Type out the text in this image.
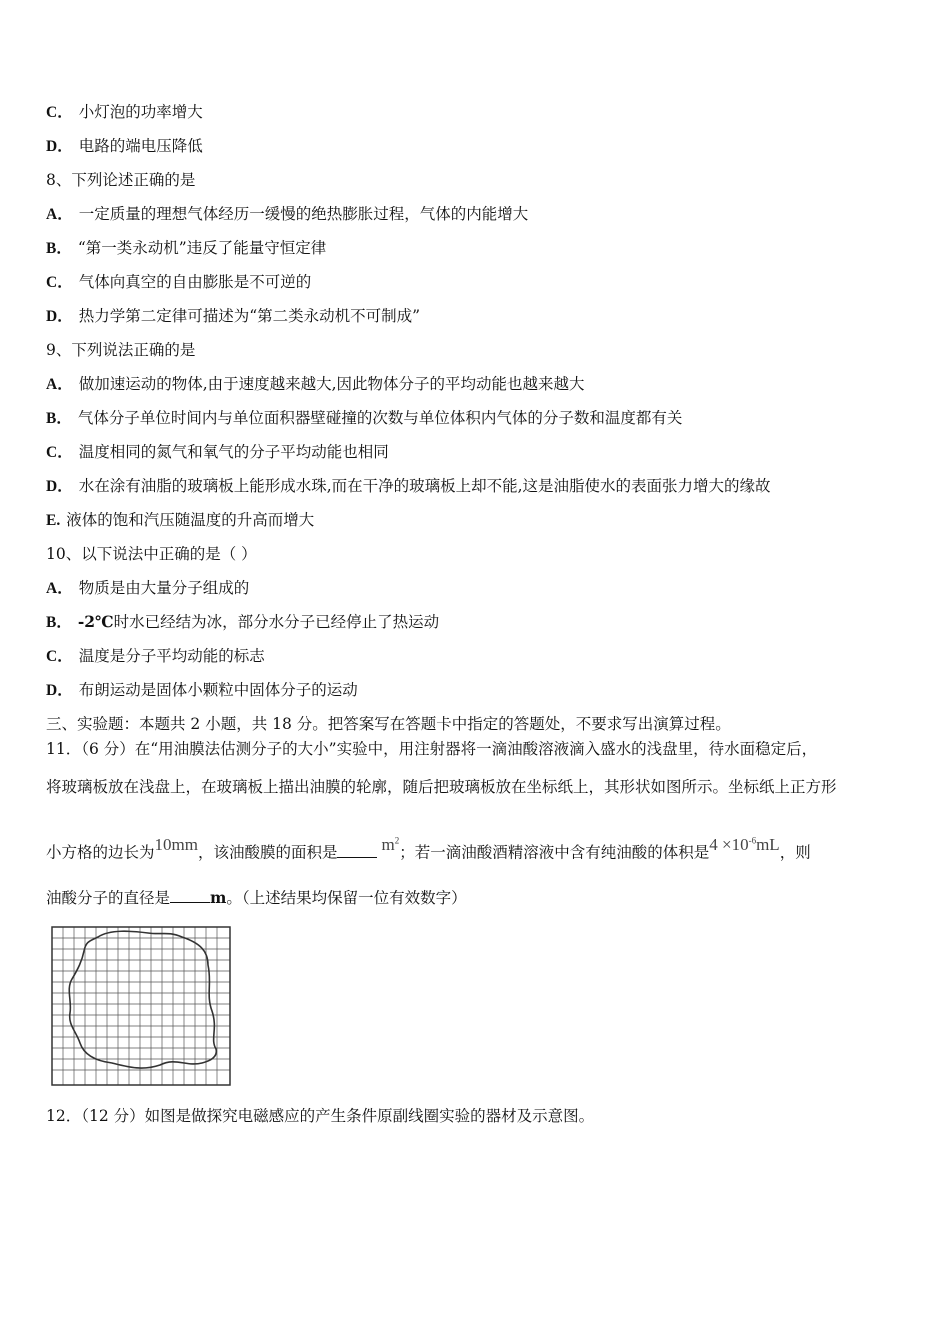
C． 小灯泡的功率增大
D． 电路的端电压降低
8、下列论述正确的是
A． 一定质量的理想气体经历一缓慢的绝热膨胀过程，气体的内能增大
B． “第一类永动机”违反了能量守恒定律
C． 气体向真空的自由膨胀是不可逆的
D． 热力学第二定律可描述为“第二类永动机不可制成”
9、下列说法正确的是
A． 做加速运动的物体,由于速度越来越大,因此物体分子的平均动能也越来越大
B． 气体分子单位时间内与单位面积器壁碰撞的次数与单位体积内气体的分子数和温度都有关
C． 温度相同的氮气和氧气的分子平均动能也相同
D． 水在涂有油脂的玻璃板上能形成水珠,而在干净的玻璃板上却不能,这是油脂使水的表面张力增大的缘故
E. 液体的饱和汽压随温度的升高而增大
10、以下说法中正确的是（ ）
A． 物质是由大量分子组成的
B． -2℃时水已经结为冰，部分水分子已经停止了热运动
C． 温度是分子平均动能的标志
D． 布朗运动是固体小颗粒中固体分子的运动
三、实验题：本题共 2 小题，共 18 分。把答案写在答题卡中指定的答题处，不要求写出演算过程。
11．（6 分）在“用油膜法估测分子的大小”实验中，用注射器将一滴油酸溶液滴入盛水的浅盘里，待水面稳定后，
将玻璃板放在浅盘上，在玻璃板上描出油膜的轮廓，随后把玻璃板放在坐标纸上，其形状如图所示。坐标纸上正方形
小方格的边长为10mm，该油酸膜的面积是	$m^2$；若一滴油酸酒精溶液中含有纯油酸的体积是$4 \times 10^{-6}mL$，则
油酸分子的直径是	m。（上述结果均保留一位有效数字）
12．（12 分）如图是做探究电磁感应的产生条件原副线圈实验的器材及示意图。
